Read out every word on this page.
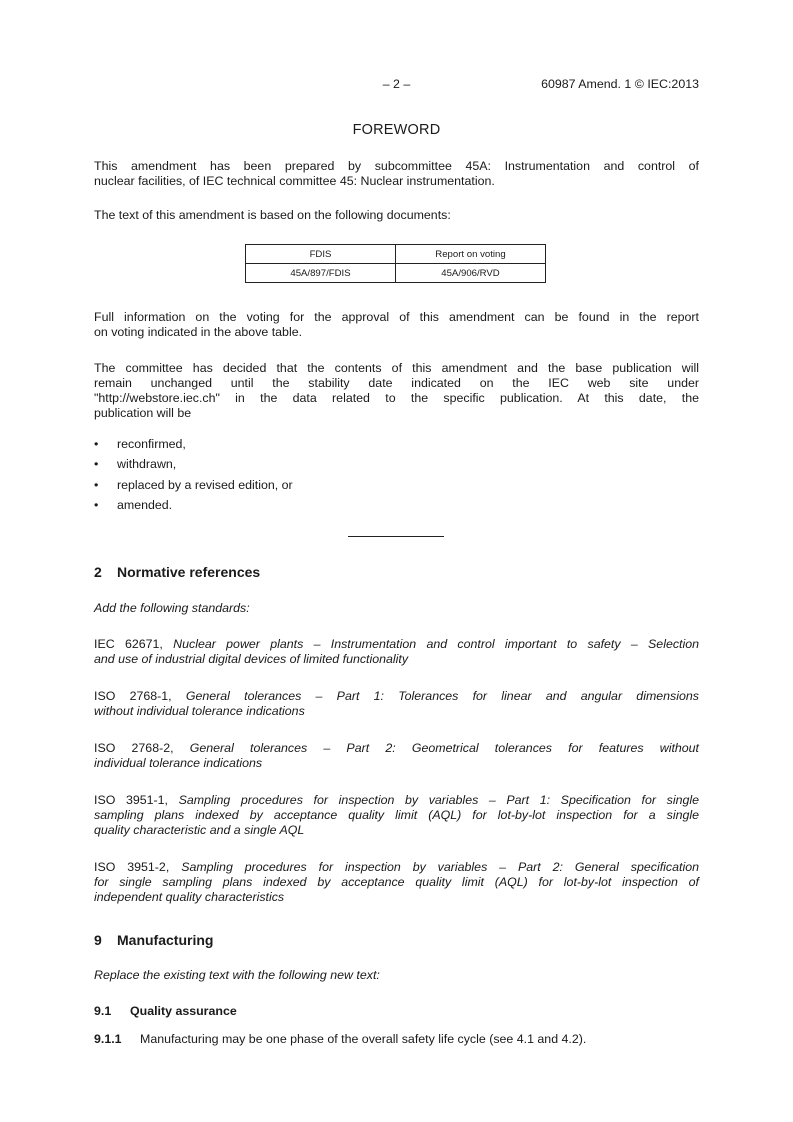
– 2 –	60987 Amend. 1 © IEC:2013
FOREWORD
This amendment has been prepared by subcommittee 45A: Instrumentation and control of
nuclear facilities, of IEC technical committee 45: Nuclear instrumentation.
The text of this amendment is based on the following documents:
FDIS	Report on voting
45A/897/FDIS	45A/906/RVD
Full information on the voting for the approval of this amendment can be found in the report
on voting indicated in the above table.
The committee has decided that the contents of this amendment and the base publication will
remain unchanged until the stability date indicated on the IEC web site under
"http://webstore.iec.ch" in the data related to the specific publication. At this date, the
publication will be
• reconfirmed,
• withdrawn,
• replaced by a revised edition, or
• amended.
2 Normative references
Add the following standards:
IEC 62671, Nuclear power plants – Instrumentation and control important to safety – Selection
and use of industrial digital devices of limited functionality
ISO 2768-1, General tolerances – Part 1: Tolerances for linear and angular dimensions
without individual tolerance indications
ISO 2768-2, General tolerances – Part 2: Geometrical tolerances for features without
individual tolerance indications
ISO 3951-1, Sampling procedures for inspection by variables – Part 1: Specification for single
sampling plans indexed by acceptance quality limit (AQL) for lot-by-lot inspection for a single
quality characteristic and a single AQL
ISO 3951-2, Sampling procedures for inspection by variables – Part 2: General specification
for single sampling plans indexed by acceptance quality limit (AQL) for lot-by-lot inspection of
independent quality characteristics
9 Manufacturing
Replace the existing text with the following new text:
9.1 Quality assurance
9.1.1 Manufacturing may be one phase of the overall safety life cycle (see 4.1 and 4.2).
